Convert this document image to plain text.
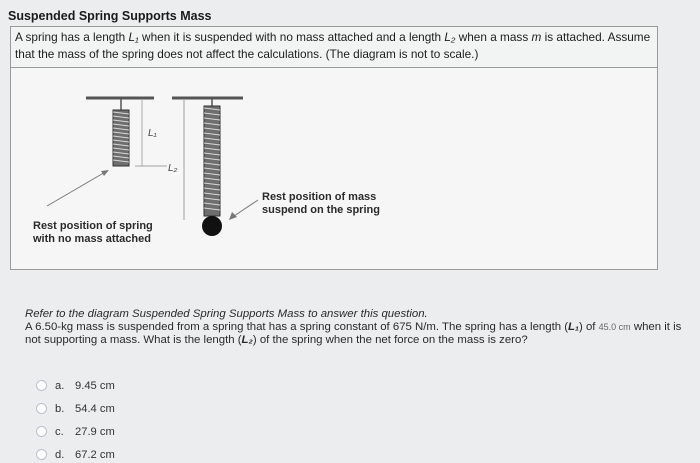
Suspended Spring Supports Mass
A spring has a length L₁ when it is suspended with no mass attached and a length L₂ when a mass m is attached. Assume that the mass of the spring does not affect the calculations. (The diagram is not to scale.)
L₁
L₂
Rest position of spring
with no mass attached
Rest position of mass
suspend on the spring
Refer to the diagram Suspended Spring Supports Mass to answer this question.
A 6.50-kg mass is suspended from a spring that has a spring constant of 675 N/m. The spring has a length (L₁) of 45.0 cm when it is not supporting a mass. What is the length (L₂) of the spring when the net force on the mass is zero?
a. 9.45 cm
b. 54.4 cm
c.	27.9 cm
d. 67.2 cm
